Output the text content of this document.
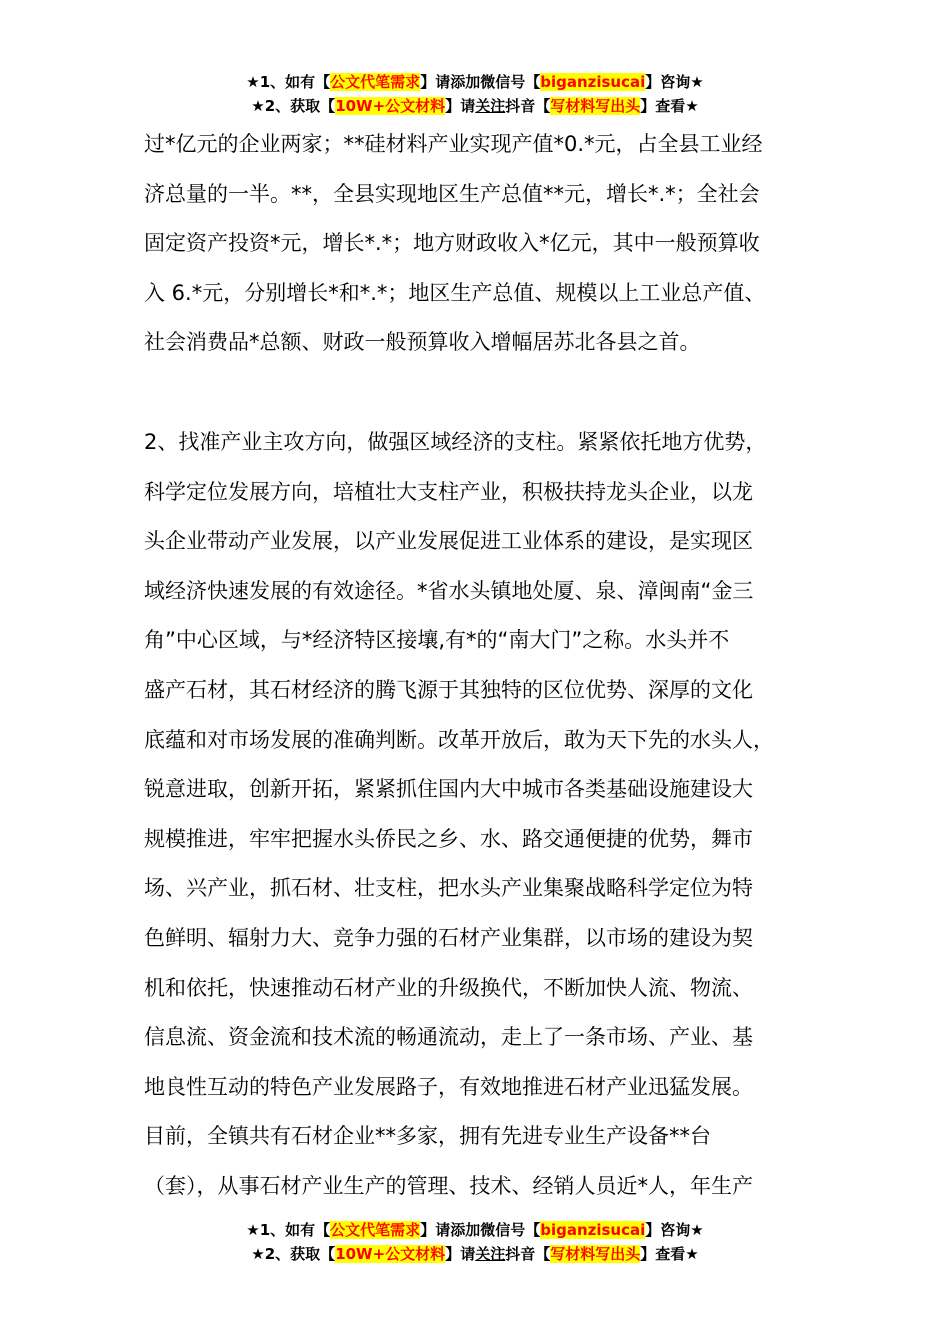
★1、如有【公文代笔需求】请添加微信号【biganzisucai】咨询★
★2、获取【10W+公文材料】请关注抖音【写材料写出头】查看★
过*亿元的企业两家；**硅材料产业实现产值*0.*元，占全县工业经
济总量的一半。**，全县实现地区生产总值**元，增长*.*；全社会
固定资产投资*元，增长*.*；地方财政收入*亿元，其中一般预算收
入 6.*元，分别增长*和*.*；地区生产总值、规模以上工业总产值、
社会消费品*总额、财政一般预算收入增幅居苏北各县之首。
2、找准产业主攻方向，做强区域经济的支柱。紧紧依托地方优势，
科学定位发展方向，培植壮大支柱产业，积极扶持龙头企业，以龙
头企业带动产业发展，以产业发展促进工业体系的建设，是实现区
域经济快速发展的有效途径。*省水头镇地处厦、泉、漳闽南“金三
角”中心区域，与*经济特区接壤,有*的“南大门”之称。水头并不
盛产石材，其石材经济的腾飞源于其独特的区位优势、深厚的文化
底蕴和对市场发展的准确判断。改革开放后，敢为天下先的水头人，
锐意进取，创新开拓，紧紧抓住国内大中城市各类基础设施建设大
规模推进，牢牢把握水头侨民之乡、水、路交通便捷的优势，舞市
场、兴产业，抓石材、壮支柱，把水头产业集聚战略科学定位为特
色鲜明、辐射力大、竞争力强的石材产业集群，以市场的建设为契
机和依托，快速推动石材产业的升级换代，不断加快人流、物流、
信息流、资金流和技术流的畅通流动，走上了一条市场、产业、基
地良性互动的特色产业发展路子，有效地推进石材产业迅猛发展。
目前，全镇共有石材企业**多家，拥有先进专业生产设备**台
（套），从事石材产业生产的管理、技术、经销人员近*人，年生产
★1、如有【公文代笔需求】请添加微信号【biganzisucai】咨询★
★2、获取【10W+公文材料】请关注抖音【写材料写出头】查看★
